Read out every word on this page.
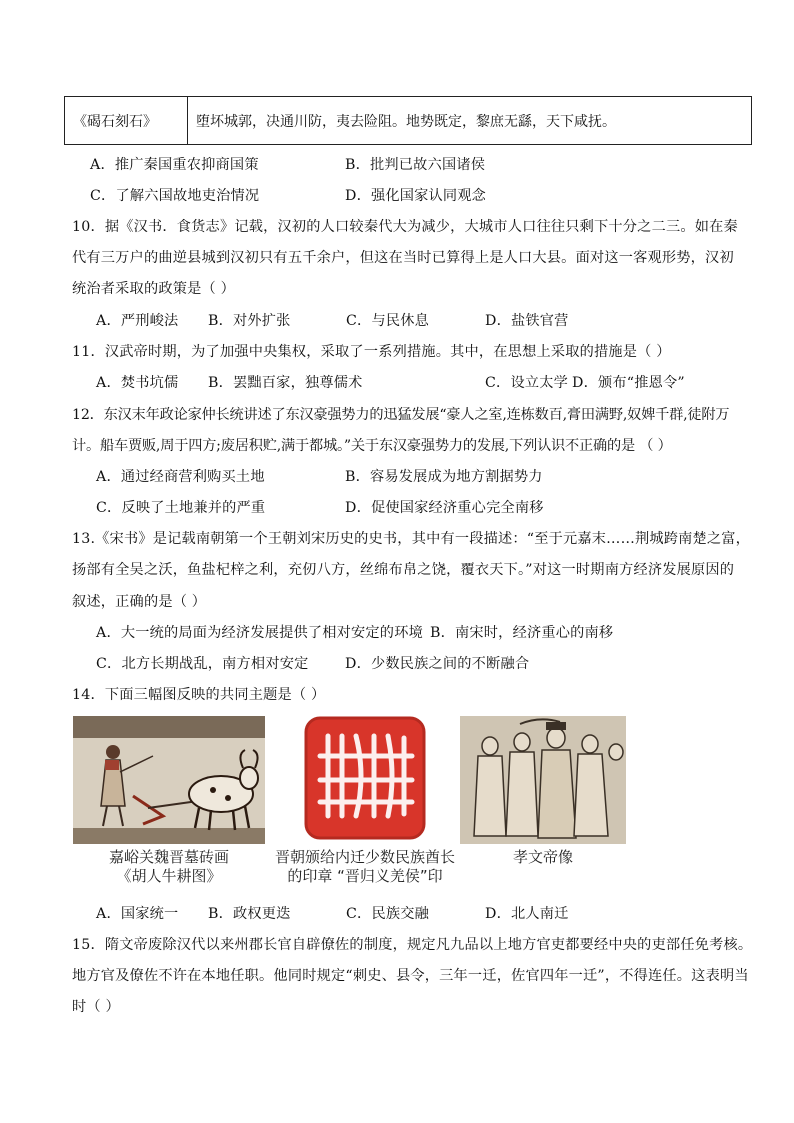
《碣石刻石》	堕坏城郭，决通川防，夷去险阻。地势既定，黎庶无繇，天下咸抚。
A．推广秦国重农抑商国策	B．批判已故六国诸侯
C．了解六国故地吏治情况	D．强化国家认同观念
10．据《汉书．食货志》记载，汉初的人口较秦代大为减少，大城市人口往往只剩下十分之二三。如在秦
代有三万户的曲逆县城到汉初只有五千余户，但这在当时已算得上是人口大县。面对这一客观形势，汉初
统治者采取的政策是（ ）
A．严刑峻法 B．对外扩张	C．与民休息	D．盐铁官营
11．汉武帝时期，为了加强中央集权，采取了一系列措施。其中，在思想上采取的措施是（ ）
A．焚书坑儒 B．罢黜百家，独尊儒术	C．设立太学 D．颁布“推恩令”
12．东汉末年政论家仲长统讲述了东汉豪强势力的迅猛发展“豪人之室,连栋数百,膏田满野,奴婢千群,徒附万
计。船车贾贩,周于四方;废居积贮,满于都城。”关于东汉豪强势力的发展,下列认识不正确的是 （ ）
A．通过经商营利购买土地	B．容易发展成为地方割据势力
C．反映了土地兼并的严重	D．促使国家经济重心完全南移
13.《宋书》是记载南朝第一个王朝刘宋历史的史书，其中有一段描述：“至于元嘉末……荆城跨南楚之富，
扬部有全吴之沃，鱼盐杞梓之利，充仞八方，丝绵布帛之饶，覆衣天下。”对这一时期南方经济发展原因的
叙述，正确的是（ ）
A．大一统的局面为经济发展提供了相对安定的环境 B．南宋时，经济重心的南移
C．北方长期战乱，南方相对安定	D．少数民族之间的不断融合
14．下面三幅图反映的共同主题是（ ）
嘉峪关魏晋墓砖画
《胡人牛耕图》
晋朝颁给内迁少数民族酋长
的印章 “晋归义羌侯”印
孝文帝像
A．国家统一 B．政权更迭	C．民族交融	D．北人南迁
15．隋文帝废除汉代以来州郡长官自辟僚佐的制度，规定凡九品以上地方官吏都要经中央的吏部任免考核。
地方官及僚佐不许在本地任职。他同时规定“刺史、县令，三年一迁，佐官四年一迁”，不得连任。这表明当
时（ ）
